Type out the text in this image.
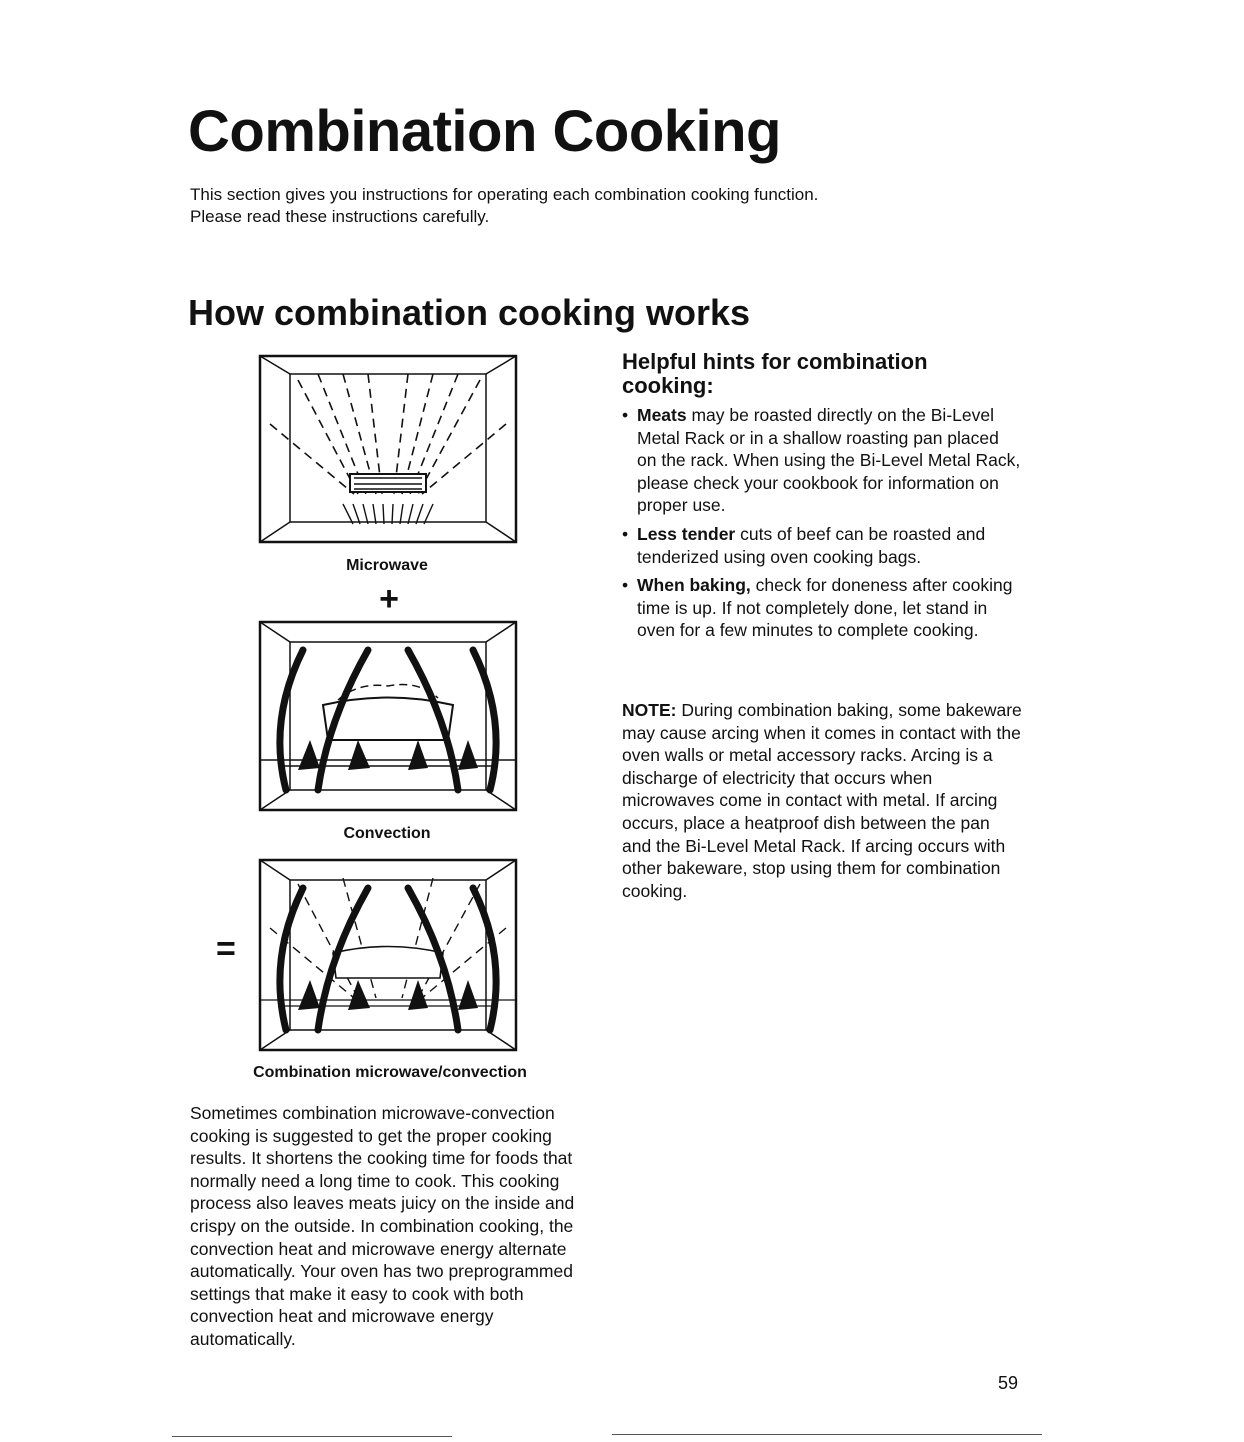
Combination Cooking
This section gives you instructions for operating each combination cooking function.
Please read these instructions carefully.
How combination cooking works
Microwave
+
Convection
=
Combination microwave/convection
Sometimes combination microwave-convection cooking is suggested to get the proper cooking results. It shortens the cooking time for foods that normally need a long time to cook. This cooking process also leaves meats juicy on the inside and crispy on the outside. In combination cooking, the convection heat and microwave energy alternate automatically. Your oven has two preprogrammed settings that make it easy to cook with both convection heat and microwave energy automatically.
Helpful hints for combination cooking:
• Meats may be roasted directly on the Bi-Level Metal Rack or in a shallow roasting pan placed on the rack. When using the Bi-Level Metal Rack, please check your cookbook for information on proper use.
• Less tender cuts of beef can be roasted and tenderized using oven cooking bags.
• When baking, check for doneness after cooking time is up. If not completely done, let stand in oven for a few minutes to complete cooking.
NOTE: During combination baking, some bakeware may cause arcing when it comes in contact with the oven walls or metal accessory racks. Arcing is a discharge of electricity that occurs when microwaves come in contact with metal. If arcing occurs, place a heatproof dish between the pan and the Bi-Level Metal Rack. If arcing occurs with other bakeware, stop using them for combination cooking.
59
